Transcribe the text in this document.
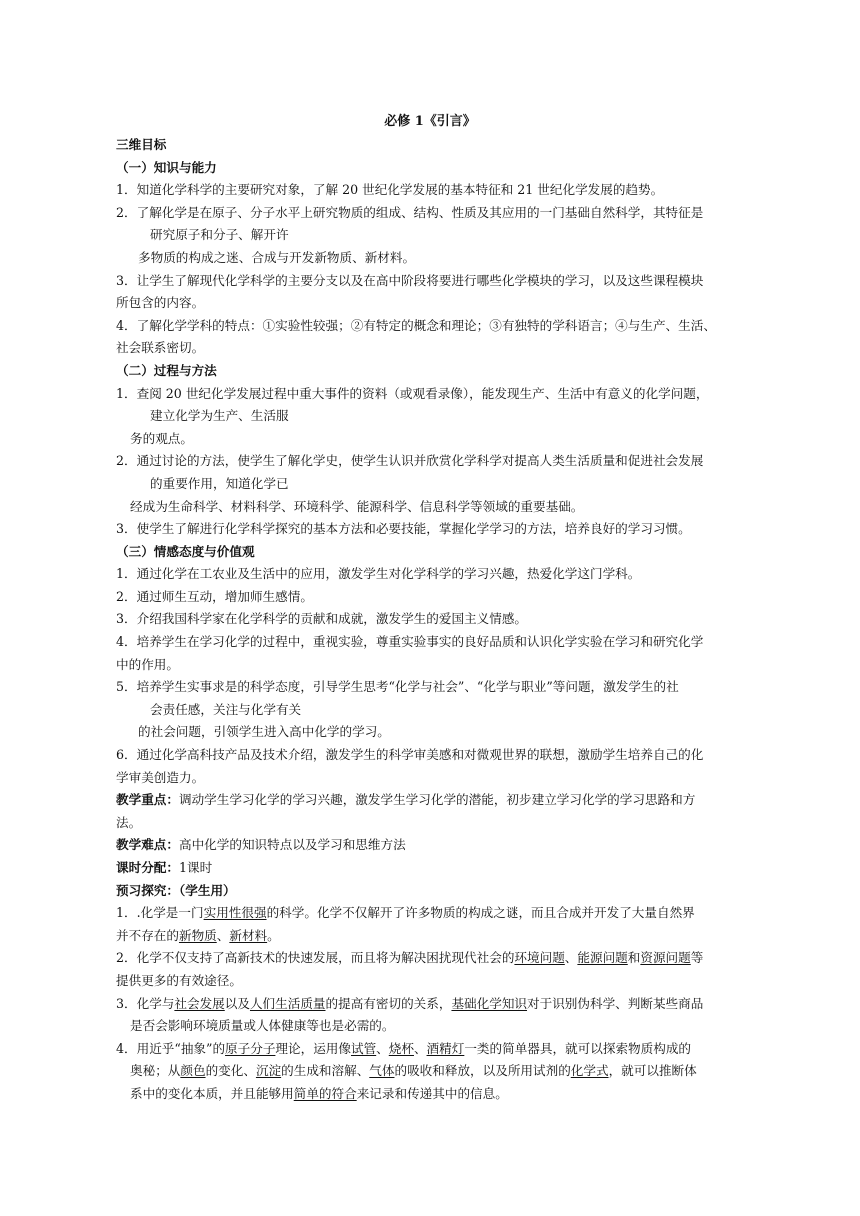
必修 1《引言》
三维目标
（一）知识与能力
1．知道化学科学的主要研究对象，了解 20 世纪化学发展的基本特征和 21 世纪化学发展的趋势。
2．了解化学是在原子、分子水平上研究物质的组成、结构、性质及其应用的一门基础自然科学，其特征是
研究原子和分子、解开许
多物质的构成之迷、合成与开发新物质、新材料。
3．让学生了解现代化学科学的主要分支以及在高中阶段将要进行哪些化学模块的学习，以及这些课程模块
所包含的内容。
4．了解化学学科的特点：①实验性较强；②有特定的概念和理论；③有独特的学科语言；④与生产、生活、
社会联系密切。
（二）过程与方法
1．查阅 20 世纪化学发展过程中重大事件的资料（或观看录像），能发现生产、生活中有意义的化学问题，
建立化学为生产、生活服
务的观点。
2．通过讨论的方法，使学生了解化学史，使学生认识并欣赏化学科学对提高人类生活质量和促进社会发展
的重要作用，知道化学已
经成为生命科学、材料科学、环境科学、能源科学、信息科学等领域的重要基础。
3．使学生了解进行化学科学探究的基本方法和必要技能，掌握化学学习的方法，培养良好的学习习惯。
（三）情感态度与价值观
1．通过化学在工农业及生活中的应用，激发学生对化学科学的学习兴趣，热爱化学这门学科。
2．通过师生互动，增加师生感情。
3．介绍我国科学家在化学科学的贡献和成就，激发学生的爱国主义情感。
4．培养学生在学习化学的过程中，重视实验，尊重实验事实的良好品质和认识化学实验在学习和研究化学
中的作用。
5．培养学生实事求是的科学态度，引导学生思考“化学与社会”、“化学与职业”等问题，激发学生的社
会责任感，关注与化学有关
的社会问题，引领学生进入高中化学的学习。
6．通过化学高科技产品及技术介绍，激发学生的科学审美感和对微观世界的联想，激励学生培养自己的化
学审美创造力。
教学重点：调动学生学习化学的学习兴趣，激发学生学习化学的潜能，初步建立学习化学的学习思路和方
法。
教学难点：高中化学的知识特点以及学习和思维方法
课时分配：1课时
预习探究：（学生用）
1．.化学是一门实用性很强的科学。化学不仅解开了许多物质的构成之谜，而且合成并开发了大量自然界
并不存在的新物质、新材料。
2．化学不仅支持了高新技术的快速发展，而且将为解决困扰现代社会的环境问题、能源问题和资源问题等
提供更多的有效途径。
3．化学与社会发展以及人们生活质量的提高有密切的关系，基础化学知识对于识别伪科学、判断某些商品
是否会影响环境质量或人体健康等也是必需的。
4．用近乎“抽象”的原子分子理论，运用像试管、烧杯、酒精灯一类的简单器具，就可以探索物质构成的
奥秘；从颜色的变化、沉淀的生成和溶解、气体的吸收和释放，以及所用试剂的化学式，就可以推断体
系中的变化本质，并且能够用简单的符合来记录和传递其中的信息。
